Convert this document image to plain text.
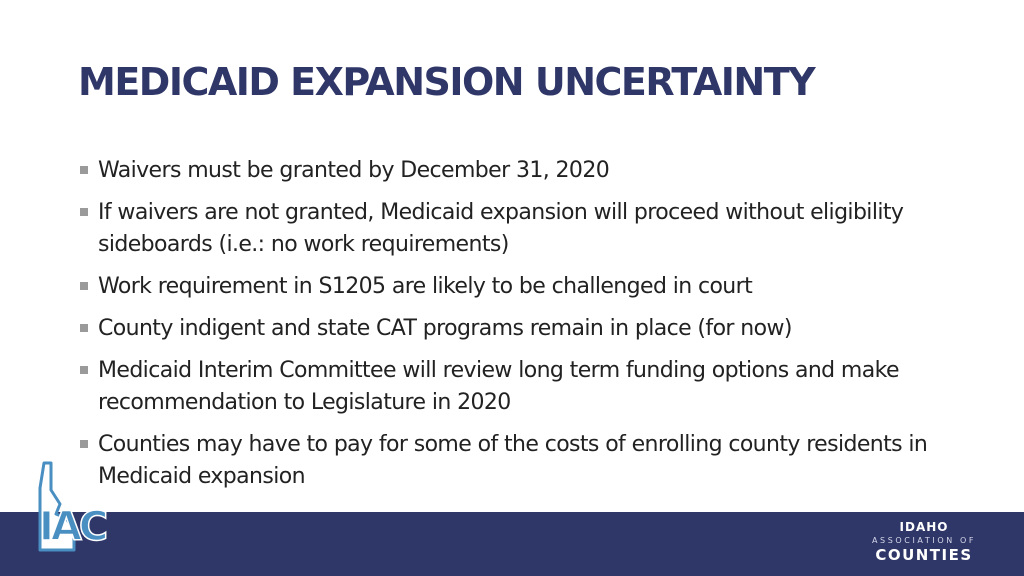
MEDICAID EXPANSION UNCERTAINTY
Waivers must be granted by December 31, 2020
If waivers are not granted, Medicaid expansion will proceed without eligibility sideboards (i.e.: no work requirements)
Work requirement in S1205 are likely to be challenged in court
County indigent and state CAT programs remain in place (for now)
Medicaid Interim Committee will review long term funding options and make recommendation to Legislature in 2020
Counties may have to pay for some of the costs of enrolling county residents in Medicaid expansion
IAC	IDAHO
ASSOCIATION OF
COUNTIES
